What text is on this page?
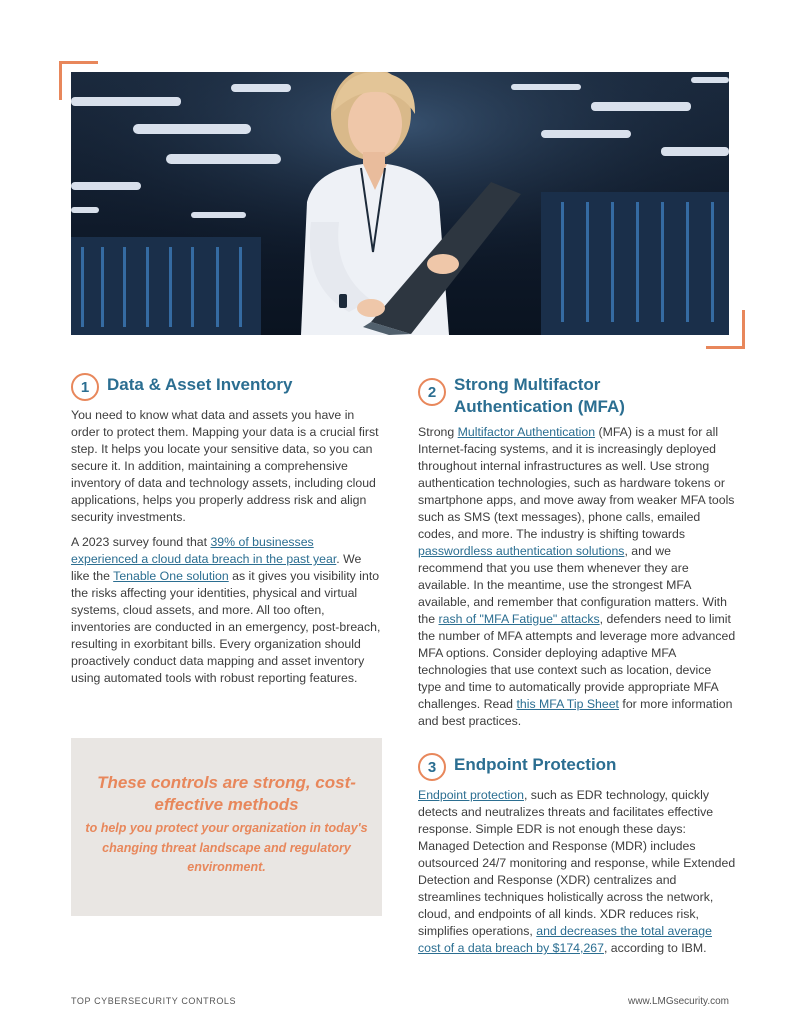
1	Data & Asset Inventory

You need to know what data and assets you have in order to protect them. Mapping your data is a crucial first step. It helps you locate your sensitive data, so you can secure it. In addition, maintaining a comprehensive inventory of data and technology assets, including cloud applications, helps you properly address risk and align security investments.

A 2023 survey found that 39% of businesses experienced a cloud data breach in the past year. We like the Tenable One solution as it gives you visibility into the risks affecting your identities, physical and virtual systems, cloud assets, and more. All too often, inventories are conducted in an emergency, post-breach, resulting in exorbitant bills. Every organization should proactively conduct data mapping and asset inventory using automated tools with robust reporting features.

These controls are strong, cost-effective methods
to help you protect your organization in today's changing threat landscape and regulatory environment.
2	Strong Multifactor Authentication (MFA)

Strong Multifactor Authentication (MFA) is a must for all Internet-facing systems, and it is increasingly deployed throughout internal infrastructures as well. Use strong authentication technologies, such as hardware tokens or smartphone apps, and move away from weaker MFA tools such as SMS (text messages), phone calls, emailed codes, and more. The industry is shifting towards passwordless authentication solutions, and we recommend that you use them whenever they are available. In the meantime, use the strongest MFA available, and remember that configuration matters. With the rash of "MFA Fatigue" attacks, defenders need to limit the number of MFA attempts and leverage more advanced MFA options. Consider deploying adaptive MFA technologies that use context such as location, device type and time to automatically provide appropriate MFA challenges. Read this MFA Tip Sheet for more information and best practices.

3	Endpoint Protection

Endpoint protection, such as EDR technology, quickly detects and neutralizes threats and facilitates effective response. Simple EDR is not enough these days: Managed Detection and Response (MDR) includes outsourced 24/7 monitoring and response, while Extended Detection and Response (XDR) centralizes and streamlines techniques holistically across the network, cloud, and endpoints of all kinds. XDR reduces risk, simplifies operations, and decreases the total average cost of a data breach by $174,267, according to IBM.

TOP CYBERSECURITY CONTROLS	www.LMGsecurity.com
